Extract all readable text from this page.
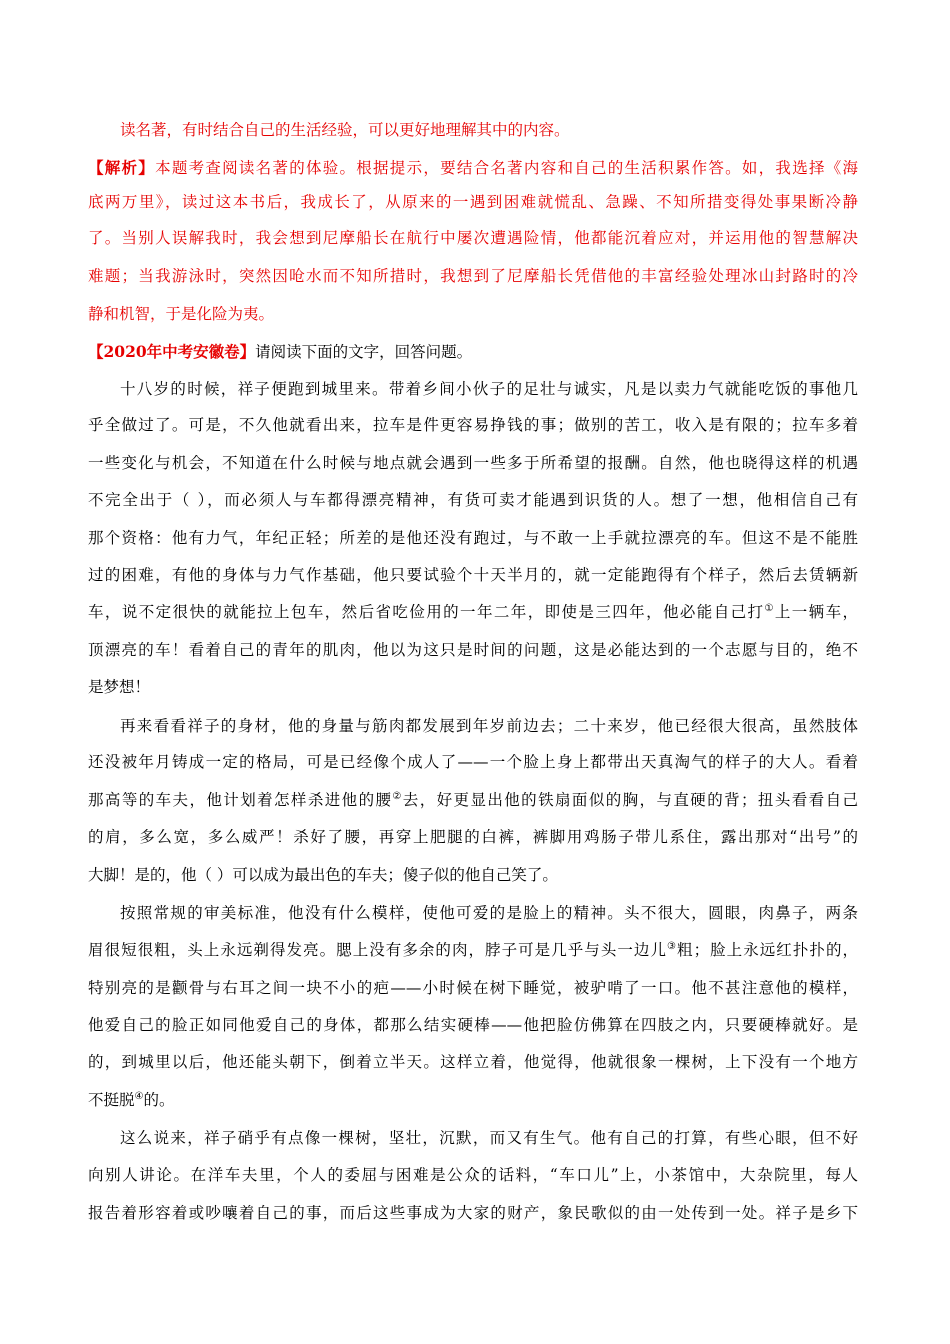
读名著，有时结合自己的生活经验，可以更好地理解其中的内容。
【解析】本题考查阅读名著的体验。根据提示，要结合名著内容和自己的生活积累作答。如，我选择《海
底两万里》，读过这本书后，我成长了，从原来的一遇到困难就慌乱、急躁、不知所措变得处事果断冷静
了。当别人误解我时，我会想到尼摩船长在航行中屡次遭遇险情，他都能沉着应对，并运用他的智慧解决
难题；当我游泳时，突然因呛水而不知所措时，我想到了尼摩船长凭借他的丰富经验处理冰山封路时的冷
静和机智，于是化险为夷。
【2020年中考安徽卷】请阅读下面的文字，回答问题。
十八岁的时候，祥子便跑到城里来。带着乡间小伙子的足壮与诚实，凡是以卖力气就能吃饭的事他几
乎全做过了。可是，不久他就看出来，拉车是件更容易挣钱的事；做别的苦工，收入是有限的；拉车多着
一些变化与机会，不知道在什么时候与地点就会遇到一些多于所希望的报酬。自然，他也晓得这样的机遇
不完全出于（ ），而必须人与车都得漂亮精神，有货可卖才能遇到识货的人。想了一想，他相信自己有
那个资格：他有力气，年纪正轻；所差的是他还没有跑过，与不敢一上手就拉漂亮的车。但这不是不能胜
过的困难，有他的身体与力气作基础，他只要试验个十天半月的，就一定能跑得有个样子，然后去赁辆新
车，说不定很快的就能拉上包车，然后省吃俭用的一年二年，即使是三四年，他必能自己打①上一辆车，
顶漂亮的车！看着自己的青年的肌肉，他以为这只是时间的问题，这是必能达到的一个志愿与目的，绝不
是梦想！
再来看看祥子的身材，他的身量与筋肉都发展到年岁前边去；二十来岁，他已经很大很高，虽然肢体
还没被年月铸成一定的格局，可是已经像个成人了——一个脸上身上都带出天真淘气的样子的大人。看着
那高等的车夫，他计划着怎样杀进他的腰②去，好更显出他的铁扇面似的胸，与直硬的背；扭头看看自己
的肩，多么宽，多么威严！杀好了腰，再穿上肥腿的白裤，裤脚用鸡肠子带儿系住，露出那对“出号”的
大脚！是的，他（ ）可以成为最出色的车夫；傻子似的他自己笑了。
按照常规的审美标准，他没有什么模样，使他可爱的是脸上的精神。头不很大，圆眼，肉鼻子，两条
眉很短很粗，头上永远剃得发亮。腮上没有多余的肉，脖子可是几乎与头一边儿③粗；脸上永远红扑扑的，
特别亮的是颧骨与右耳之间一块不小的疤——小时候在树下睡觉，被驴啃了一口。他不甚注意他的模样，
他爱自己的脸正如同他爱自己的身体，都那么结实硬棒——他把脸仿佛算在四肢之内，只要硬棒就好。是
的，到城里以后，他还能头朝下，倒着立半天。这样立着，他觉得，他就很象一棵树，上下没有一个地方
不挺脱④的。
这么说来，祥子硝乎有点像一棵树，坚壮，沉默，而又有生气。他有自己的打算，有些心眼，但不好
向别人讲论。在洋车夫里，个人的委屈与困难是公众的话料，“车口儿”上，小茶馆中，大杂院里，每人
报告着形容着或吵嚷着自己的事，而后这些事成为大家的财产，象民歌似的由一处传到一处。祥子是乡下
